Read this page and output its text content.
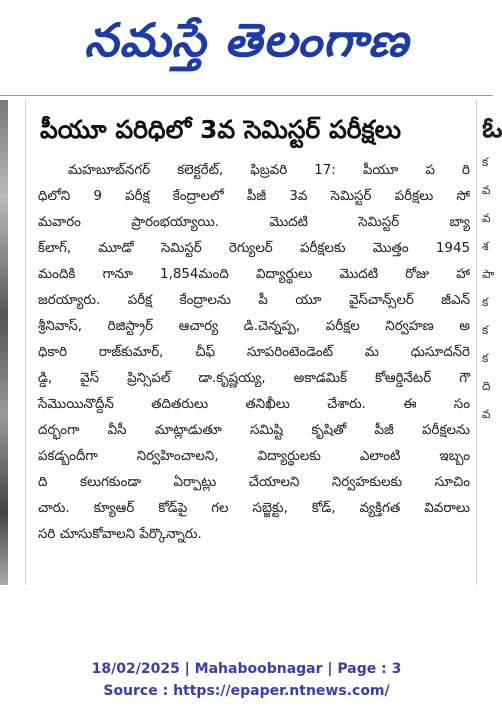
నమస్తే తెలంగాణ
ఓ
క
వ
వ
శ
పా
క
క
క
ది
వ
పీయూ పరిధిలో 3వ సెమిస్టర్ పరీక్షలు
మహబూబ్‌నగర్ కలెక్టరేట్, ఫిబ్రవరి 17: పీయూ ప రి
ధిలోని 9 పరీక్ష కేంద్రాలలో పీజీ 3వ సెమిస్టర్ పరీక్షలు సో
మవారం ప్రారంభయ్యాయి. మొదటి సెమిస్టర్ బ్యా
క్‌లాగ్, మూడో సెమిస్టర్ రెగ్యులర్ పరీక్షలకు మొత్తం 1945
మందికి గానూ 1,854మంది విద్యార్థులు మొదటి రోజు హా
జరయ్యారు. పరీక్ష కేంద్రాలను పీ యూ వైస్‌చాన్స్‌లర్ జీఎన్
శ్రీనివాస్, రిజిస్ట్రార్ ఆచార్య డి.చెన్నప్ప, పరీక్షల నిర్వహణ అ
ధికారి రాజ్‌కుమార్, చీఫ్ సూపరింటెండెంట్ మ ధుసూదన్‌రె
డ్డి, వైస్ ప్రిన్సిపల్ డా.కృష్ణయ్య, అకాడమిక్ కోఆర్డినేటర్ గౌ
సేమొయినొద్దీన్ తదితరులు తనిఖీలు చేశారు. ఈ సం
దర్భంగా వీసీ మాట్లాడుతూ సమిష్టి కృషితో పీజీ పరీక్షలను
పకడ్బందీగా నిర్వహించాలని, విద్యార్థులకు ఎలాంటి ఇబ్బం
ది కలుగకుండా ఏర్పాట్లు చేయాలని నిర్వహకులకు సూచిం
చారు. క్యూఆర్ కోడ్‌పై గల సబ్జెక్టు, కోడ్, వ్యక్తిగత వివరాలు
సరి చూసుకోవాలని పేర్కొన్నారు.
18/02/2025 | Mahaboobnagar | Page : 3
Source : https://epaper.ntnews.com/
